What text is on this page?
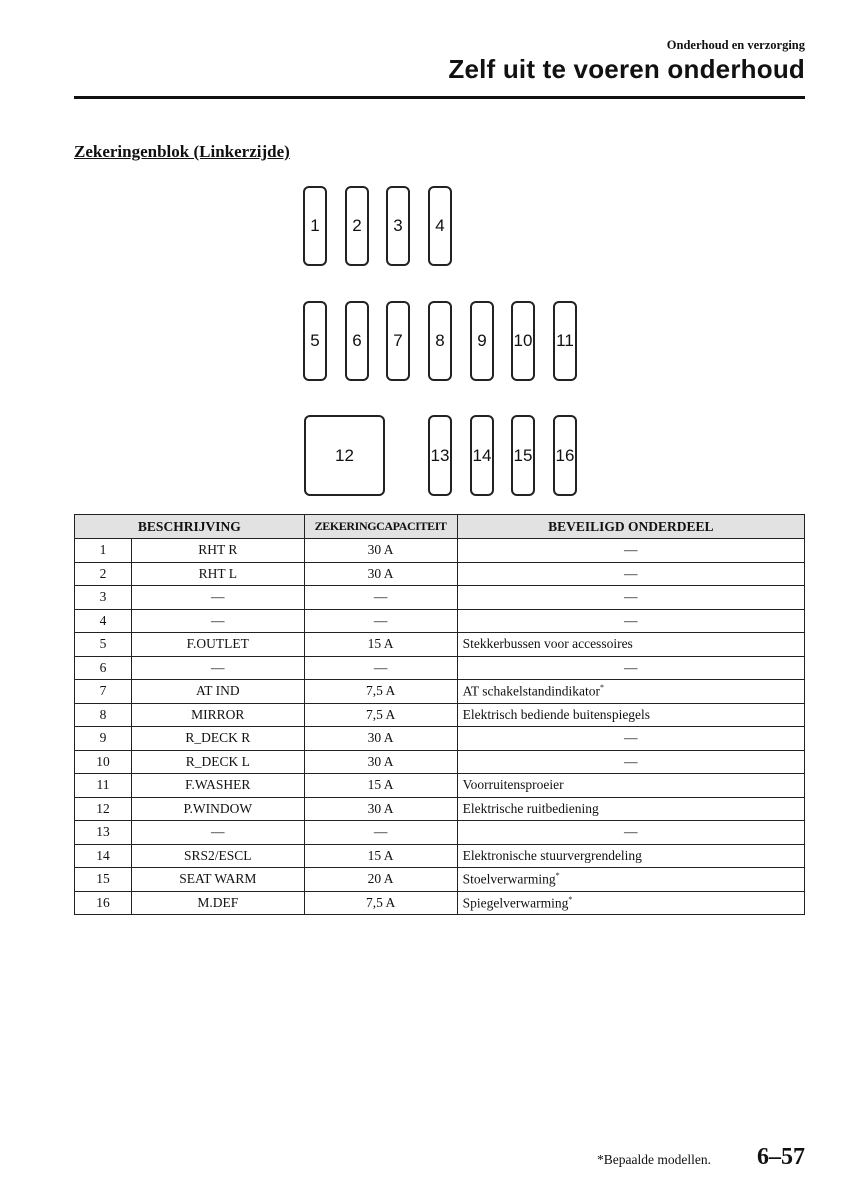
Onderhoud en verzorging
Zelf uit te voeren onderhoud
Zekeringenblok (Linkerzijde)
1	2	3	4
5	6	7	8	9	10 11
12	13 14 15 16
BESCHRIJVING		ZEKERINGCAPACITEIT	BEVEILIGD ONDERDEEL
1	RHT R	30 A	—
2	RHT L	30 A	—
3	—	—	—
4	—	—	—
5	F.OUTLET	15 A	Stekkerbussen voor accessoires
6	—	—	—
7	AT IND	7,5 A	AT schakelstandindikator*
8	MIRROR	7,5 A	Elektrisch bediende buitenspiegels
9	R_DECK R	30 A	—
10	R_DECK L	30 A	—
11	F.WASHER	15 A	Voorruitensproeier
12	P.WINDOW	30 A	Elektrische ruitbediening
13	—	—	—
14	SRS2/ESCL	15 A	Elektronische stuurvergrendeling
15	SEAT WARM	20 A	Stoelverwarming*
16	M.DEF	7,5 A	Spiegelverwarming*
*Bepaalde modellen. 6–57
